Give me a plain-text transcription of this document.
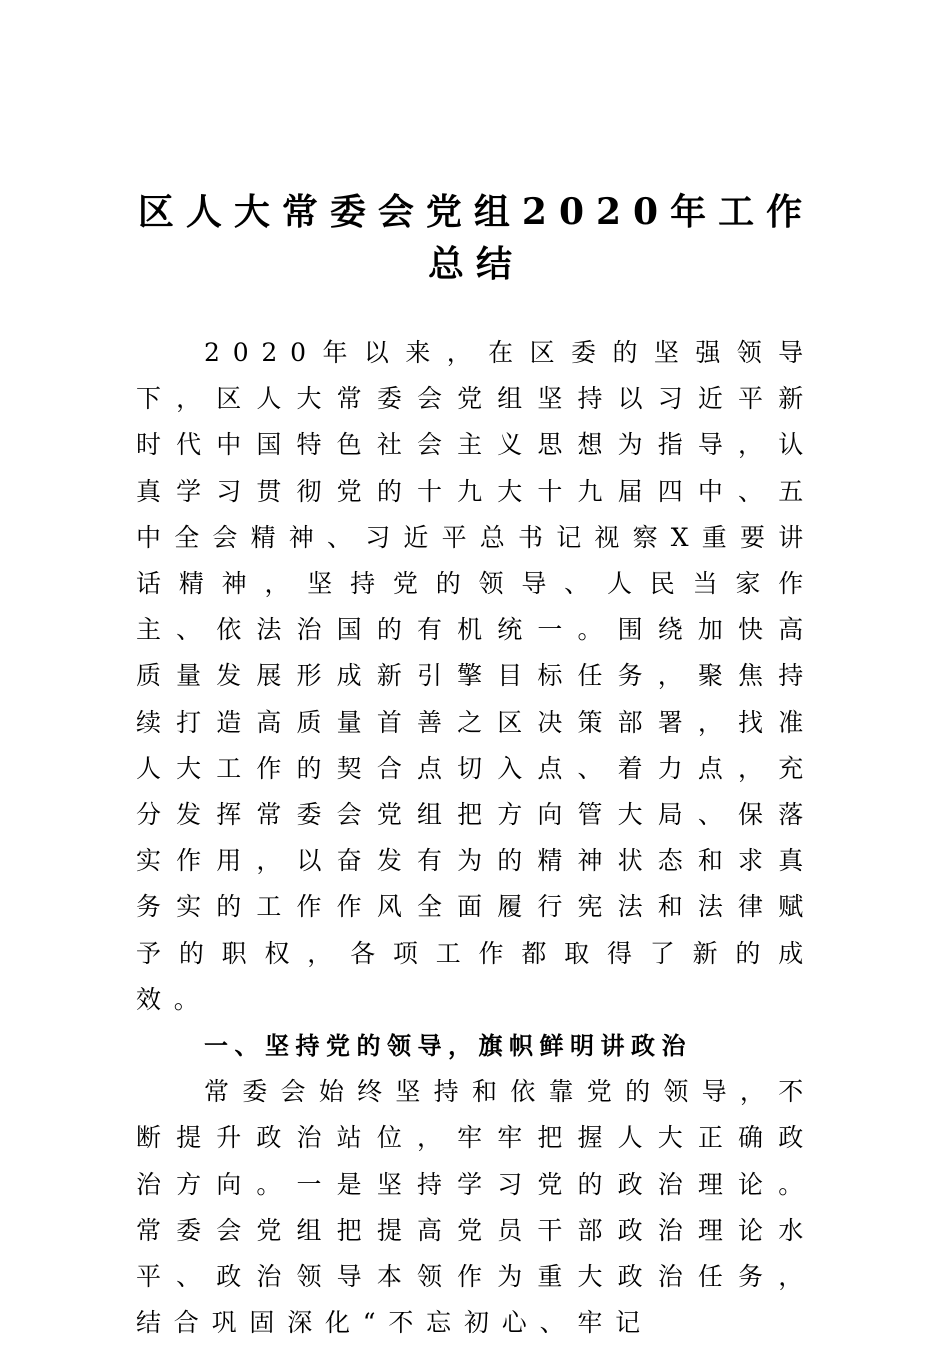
区人大常委会党组2020年工作
总结

2020年以来，在区委的坚强领导下，区人大常委会党组坚持以习近平新时代中国特色社会主义思想为指导，认真学习贯彻党的十九大十九届四中、五中全会精神、习近平总书记视察X重要讲话精神，坚持党的领导、人民当家作主、依法治国的有机统一。围绕加快高质量发展形成新引擎目标任务，聚焦持续打造高质量首善之区决策部署，找准人大工作的契合点切入点、着力点，充分发挥常委会党组把方向管大局、保落实作用，以奋发有为的精神状态和求真务实的工作作风全面履行宪法和法律赋予的职权，各项工作都取得了新的成效。

一、坚持党的领导，旗帜鲜明讲政治

常委会始终坚持和依靠党的领导，不断提升政治站位，牢牢把握人大正确政治方向。一是坚持学习党的政治理论。常委会党组把提高党员干部政治理论水平、政治领导本领作为重大政治任务，结合巩固深化“不忘初心、牢记
